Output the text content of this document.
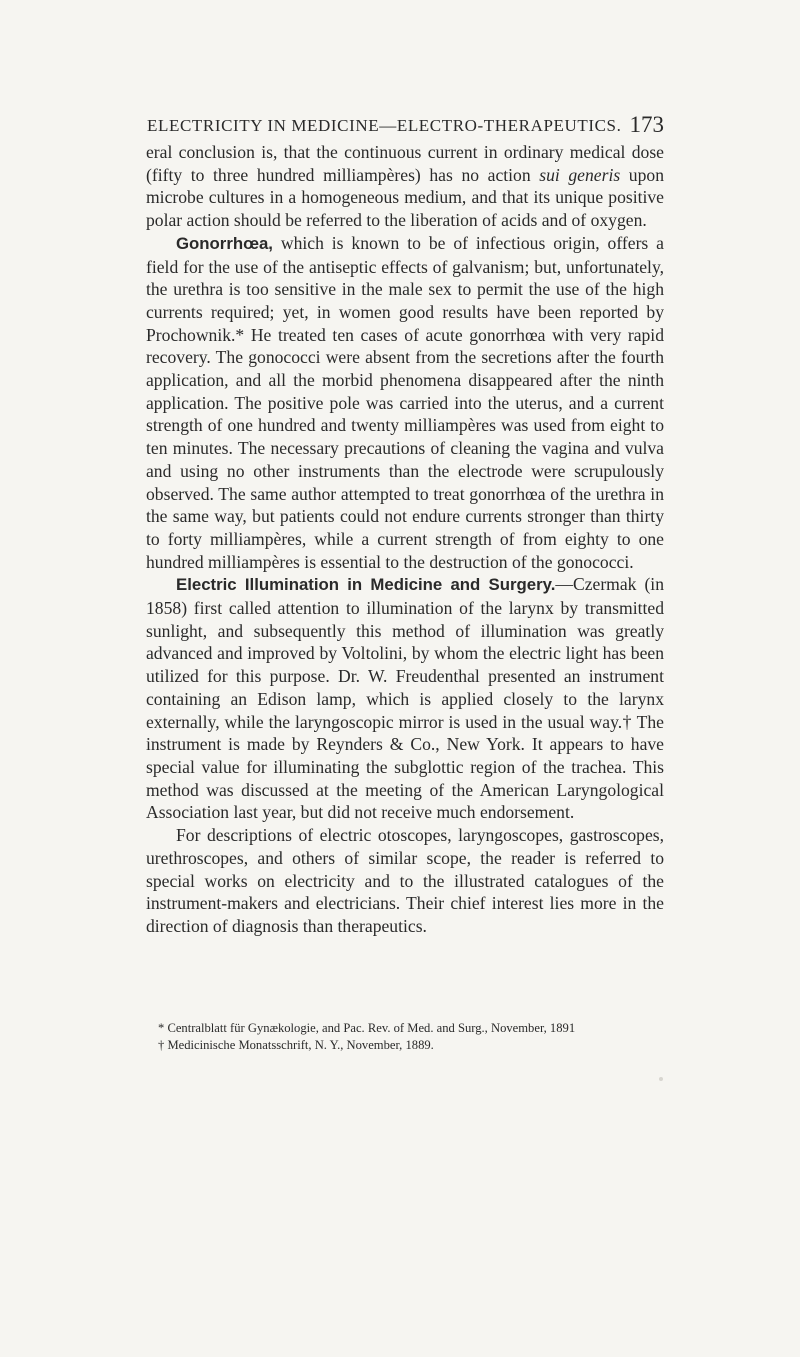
ELECTRICITY IN MEDICINE—ELECTRO-THERAPEUTICS. 173

eral conclusion is, that the continuous current in ordinary medical dose (fifty to three hundred milliampères) has no action sui generis upon microbe cultures in a homogeneous medium, and that its unique positive polar action should be referred to the liberation of acids and of oxygen.

Gonorrhœa, which is known to be of infectious origin, offers a field for the use of the antiseptic effects of galvanism; but, unfortunately, the urethra is too sensitive in the male sex to permit the use of the high currents required; yet, in women good results have been reported by Prochownik.* He treated ten cases of acute gonorrhœa with very rapid recovery. The gonococci were absent from the secretions after the fourth application, and all the morbid phenomena disappeared after the ninth application. The positive pole was carried into the uterus, and a current strength of one hundred and twenty milliampères was used from eight to ten minutes. The necessary precautions of cleaning the vagina and vulva and using no other instruments than the electrode were scrupulously observed. The same author attempted to treat gonorrhœa of the urethra in the same way, but patients could not endure currents stronger than thirty to forty milliampères, while a current strength of from eighty to one hundred milliampères is essential to the destruction of the gonococci.

Electric Illumination in Medicine and Surgery.—Czermak (in 1858) first called attention to illumination of the larynx by transmitted sunlight, and subsequently this method of illumination was greatly advanced and improved by Voltolini, by whom the electric light has been utilized for this purpose. Dr. W. Freudenthal presented an instrument containing an Edison lamp, which is applied closely to the larynx externally, while the laryngoscopic mirror is used in the usual way.† The instrument is made by Reynders & Co., New York. It appears to have special value for illuminating the subglottic region of the trachea. This method was discussed at the meeting of the American Laryngological Association last year, but did not receive much endorsement.

For descriptions of electric otoscopes, laryngoscopes, gastroscopes, urethroscopes, and others of similar scope, the reader is referred to special works on electricity and to the illustrated catalogues of the instrument-makers and electricians. Their chief interest lies more in the direction of diagnosis than therapeutics.

* Centralblatt für Gynækologie, and Pac. Rev. of Med. and Surg., November, 1891

† Medicinische Monatsschrift, N. Y., November, 1889.
